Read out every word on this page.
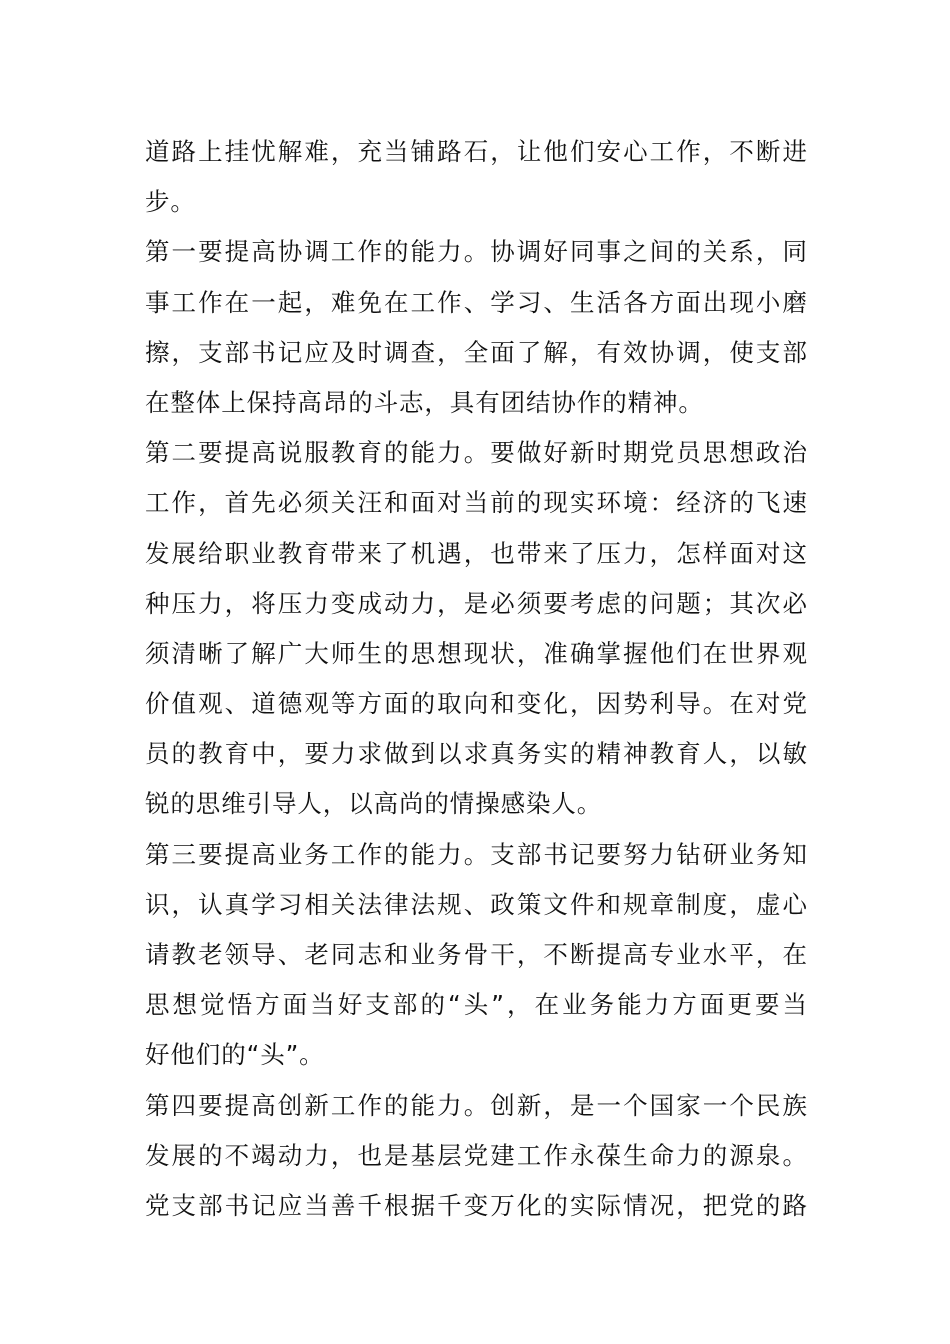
道路上挂忧解难，充当铺路石，让他们安心工作，不断进
步。
第一要提高协调工作的能力。协调好同事之间的关系，同
事工作在一起，难免在工作、学习、生活各方面出现小磨
擦，支部书记应及时调查，全面了解，有效协调，使支部
在整体上保持高昂的斗志，具有团结协作的精神。
第二要提高说服教育的能力。要做好新时期党员思想政治
工作，首先必须关汪和面对当前的现实环境：经济的飞速
发展给职业教育带来了机遇，也带来了压力，怎样面对这
种压力，将压力变成动力，是必须要考虑的问题；其次必
须清晰了解广大师生的思想现状，准确掌握他们在世界观
价值观、道德观等方面的取向和变化，因势利导。在对党
员的教育中，要力求做到以求真务实的精神教育人，以敏
锐的思维引导人，以高尚的情操感染人。
第三要提高业务工作的能力。支部书记要努力钻研业务知
识，认真学习相关法律法规、政策文件和规章制度，虚心
请教老领导、老同志和业务骨干，不断提高专业水平，在
思想觉悟方面当好支部的“头”，在业务能力方面更要当
好他们的“头”。
第四要提高创新工作的能力。创新，是一个国家一个民族
发展的不竭动力，也是基层党建工作永葆生命力的源泉。
党支部书记应当善千根据千变万化的实际情况，把党的路
